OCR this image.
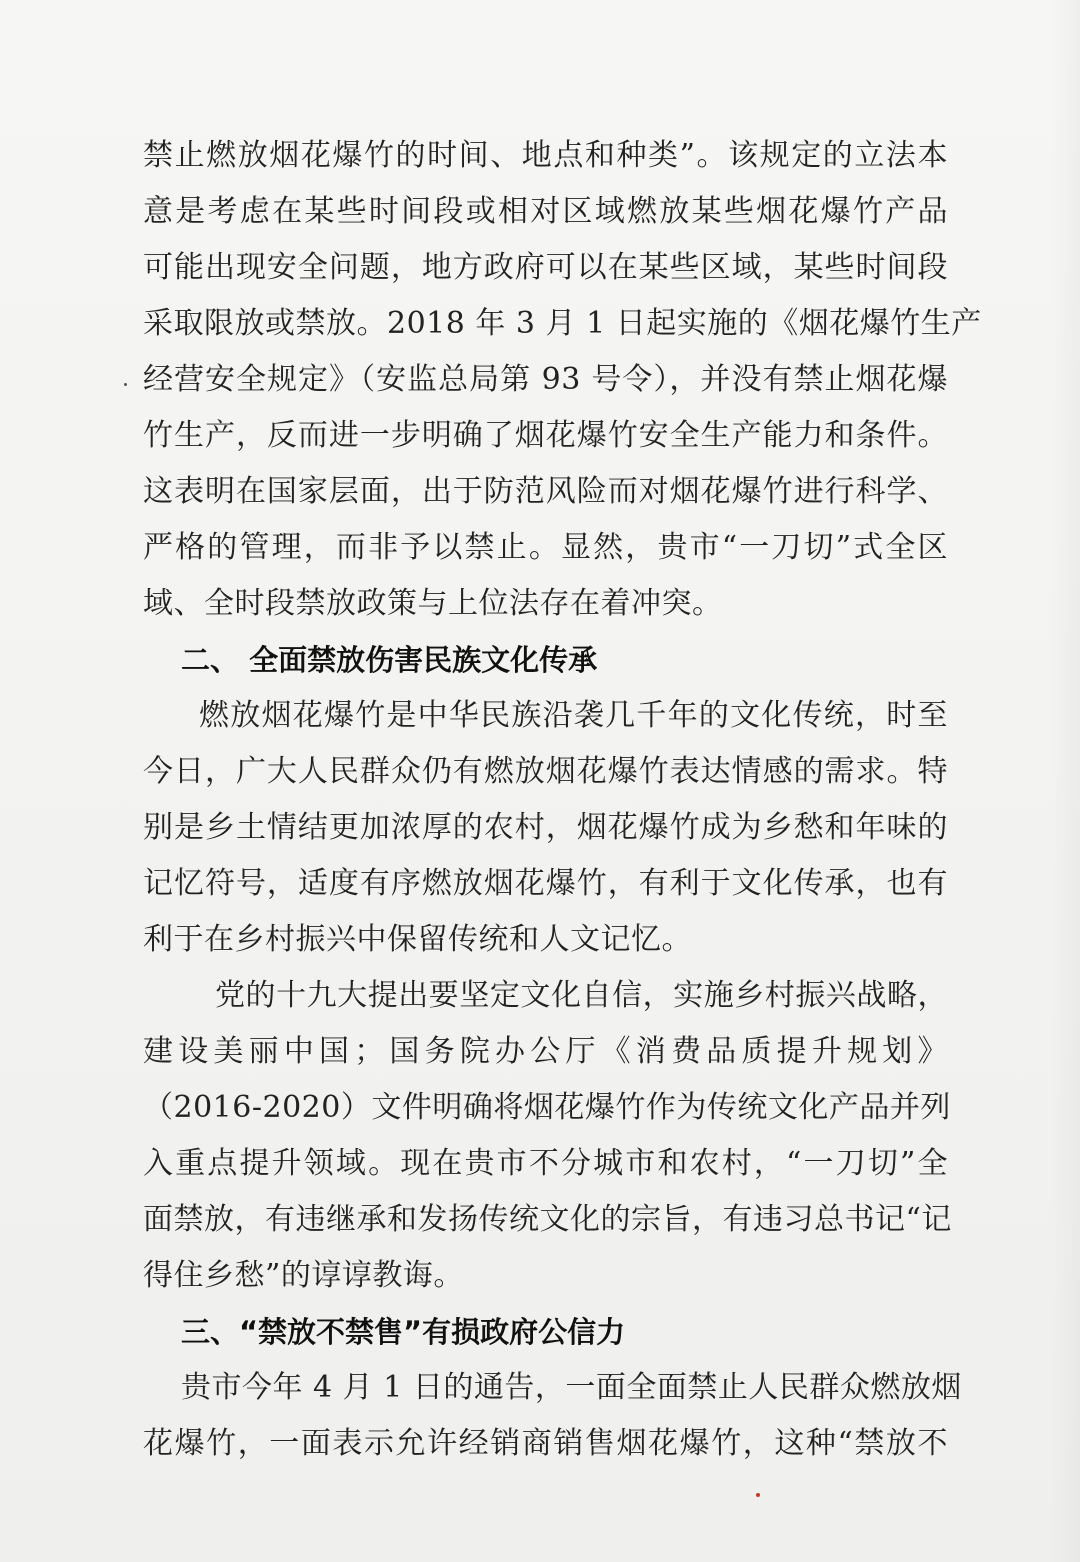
禁止燃放烟花爆竹的时间、地点和种类”。该规定的立法本
意是考虑在某些时间段或相对区域燃放某些烟花爆竹产品
可能出现安全问题，地方政府可以在某些区域，某些时间段
采取限放或禁放。2018 年 3 月 1 日起实施的《烟花爆竹生产
经营安全规定》（安监总局第 93 号令），并没有禁止烟花爆
竹生产，反而进一步明确了烟花爆竹安全生产能力和条件。
这表明在国家层面，出于防范风险而对烟花爆竹进行科学、
严格的管理，而非予以禁止。显然，贵市“一刀切”式全区
域、全时段禁放政策与上位法存在着冲突。
二、 全面禁放伤害民族文化传承
燃放烟花爆竹是中华民族沿袭几千年的文化传统，时至
今日，广大人民群众仍有燃放烟花爆竹表达情感的需求。特
别是乡土情结更加浓厚的农村，烟花爆竹成为乡愁和年味的
记忆符号，适度有序燃放烟花爆竹，有利于文化传承，也有
利于在乡村振兴中保留传统和人文记忆。
党的十九大提出要坚定文化自信，实施乡村振兴战略，
建设美丽中国；国务院办公厅《消费品质提升规划》
（2016-2020）文件明确将烟花爆竹作为传统文化产品并列
入重点提升领域。现在贵市不分城市和农村，“一刀切”全
面禁放，有违继承和发扬传统文化的宗旨，有违习总书记“记
得住乡愁”的谆谆教诲。
三、“禁放不禁售”有损政府公信力
贵市今年 4 月 1 日的通告，一面全面禁止人民群众燃放烟
花爆竹，一面表示允许经销商销售烟花爆竹，这种“禁放不
